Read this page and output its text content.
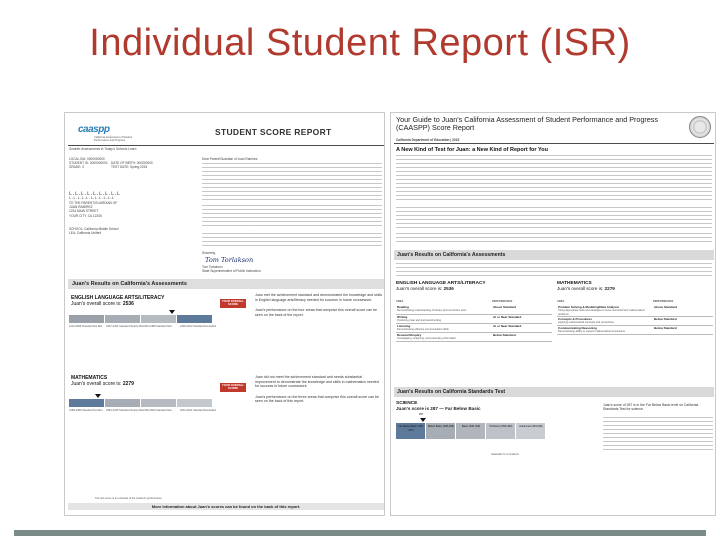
Individual Student Report (ISR)
caaspp
California Assessment of Student Performance and Progress
STUDENT SCORE REPORT
Smarter Assessments in Today's Schools Learn
LOCAL ID#: 0000000000
STUDENT ID: 0000000000
GRADE: 3
DATE OF BIRTH: 00/00/0000
TEST DATE: Spring 2015
L.L.L.L.L.L.L.L.L
L.L.L.L.L.L.L.L.L.L.L
TO THE PARENT/GUARDIAN OF
JUAN RAMIREZ
1234 MAIN STREET
YOUR CITY, CA 12345
SCHOOL: California Middle School
LEA: California Unified
Dear Parent/Guardian of Juan Ramirez:
Sincerely,
Tom Torlakson
Tom Torlakson
State Superintendent of Public Instruction
Juan's Results on California's Assessments
ENGLISH LANGUAGE ARTS/LITERACY
Juan's overall score is: 2536	YOUR OVERALL SCORE
2114-2366 Standard Not Met	2367-2431 Standard Nearly Met 2432-2489 Standard Met	2490-2623 Standard Exceeded
Juan met the achievement standard and demonstrated the knowledge and skills in English language arts/literacy needed for success in future coursework.
Juan's performance on the four areas that comprise this overall score can be seen on the back of the report.
MATHEMATICS
Juan's overall score is: 2279	YOUR OVERALL SCORE
2189-2380 Standard Not Met	2381-2435 Standard Nearly Met 2436-2500 Standard Met	2501-2621 Standard Exceeded
Juan did not meet the achievement standard and needs substantial improvement to demonstrate the knowledge and skills in mathematics needed for success in future coursework.
Juan's performance on the three areas that comprise this overall score can be seen on the back of this report.
The test score is an estimate of the student's performance.
More information about Juan's scores can be found on the back of this report.
Your Guide to Juan's California Assessment of Student Performance and Progress (CAASPP) Score Report
California Department of Education | 2015
A New Kind of Test for Juan: a New Kind of Report for You
Juan's Results on California's Assessments
ENGLISH LANGUAGE ARTS/LITERACY
Juan's overall score is: 2536
AREA	PERFORMANCE
Reading
Demonstrating understanding of literary and non-fiction texts	Above Standard
Writing
Producing clear and purposeful writing	At or Near Standard
Listening
Demonstrating effective communication skills	At or Near Standard
Research/Inquiry
Investigating, analyzing, and presenting information	Below Standard
MATHEMATICS
Juan's overall score is: 2279
AREA	PERFORMANCE
Problem Solving & Modeling/Data Analysis
Using appropriate tools and strategies to solve real world and mathematical problems	Above Standard
Concepts & Procedures
Applying mathematical concepts and procedures	Below Standard
Communicating Reasoning
Demonstrating ability to support mathematical conclusions	Below Standard
Juan's Results on California Standards Test
SCIENCE
Juan's score is 287 — Far Below Basic
287
Far Below Basic (150-267)
Below Basic (268-299)	Basic (300-349)	Proficient (350-392)	Advanced (393-600)
Statewide % of students
Juan's score of 287 is in the Far Below Basic level on California Standards Test for science.
